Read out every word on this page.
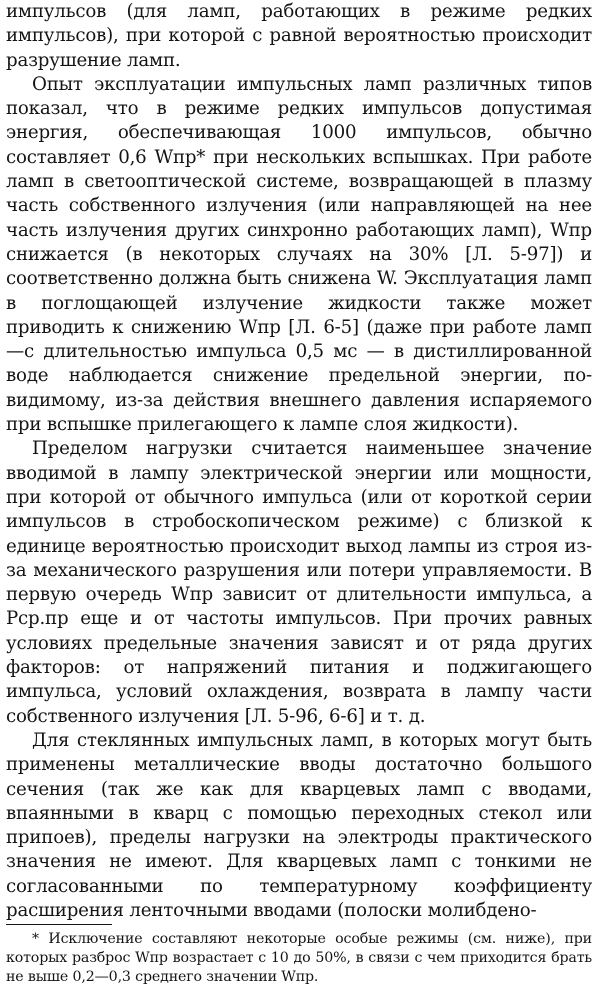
импульсов (для ламп, работающих в режиме редких импульсов), при которой с равной вероятностью происходит разрушение ламп.

Опыт эксплуатации импульсных ламп различных типов показал, что в режиме редких импульсов допустимая энергия, обеспечивающая 1000 импульсов, обычно составляет 0,6 Wпр* при нескольких вспышках. При работе ламп в светооптической системе, возвращающей в плазму часть собственного излучения (или направляющей на нее часть излучения других синхронно работающих ламп), Wпр снижается (в некоторых случаях на 30% [Л. 5-97]) и соответственно должна быть снижена W. Эксплуатация ламп в поглощающей излучение жидкости также может приводить к снижению Wпр [Л. 6-5] (даже при работе ламп—с длительностью импульса 0,5 мс — в дистиллированной воде наблюдается снижение предельной энергии, по-видимому, из-за действия внешнего давления испаряемого при вспышке прилегающего к лампе слоя жидкости).

Пределом нагрузки считается наименьшее значение вводимой в лампу электрической энергии или мощности, при которой от обычного импульса (или от короткой серии импульсов в стробоскопическом режиме) с близкой к единице вероятностью происходит выход лампы из строя из-за механического разрушения или потери управляемости. В первую очередь Wпр зависит от длительности импульса, а Pср.пр еще и от частоты импульсов. При прочих равных условиях предельные значения зависят и от ряда других факторов: от напряжений питания и поджигающего импульса, условий охлаждения, возврата в лампу части собственного излучения [Л. 5-96, 6-6] и т. д.

Для стеклянных импульсных ламп, в которых могут быть применены металлические вводы достаточно большого сечения (так же как для кварцевых ламп с вводами, впаянными в кварц с помощью переходных стекол или припоев), пределы нагрузки на электроды практического значения не имеют. Для кварцевых ламп с тонкими не согласованными по температурному коэффициенту расширения ленточными вводами (полоски молибдено-

* Исключение составляют некоторые особые режимы (см. ниже), при которых разброс Wпр возрастает с 10 до 50%, в связи с чем приходится брать не выше 0,2—0,3 среднего значении Wпр.
